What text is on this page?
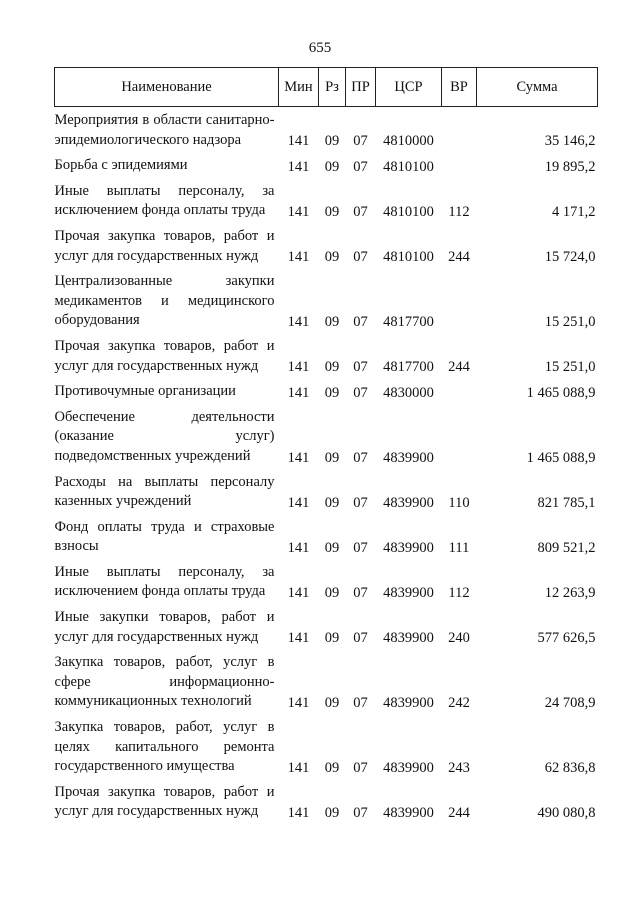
655
Наименование	Мин	Рз	ПР	ЦСР	ВР	Сумма
Мероприятия в области санитарно-эпидемиологического надзора	141	09	07	4810000		35 146,2
Борьба с эпидемиями	141	09	07	4810100		19 895,2
Иные выплаты персоналу, за исключением фонда оплаты труда	141	09	07	4810100	112	4 171,2
Прочая закупка товаров, работ и услуг для государственных нужд	141	09	07	4810100	244	15 724,0
Централизованные закупки медикаментов и медицинского оборудования	141	09	07	4817700		15 251,0
Прочая закупка товаров, работ и услуг для государственных нужд	141	09	07	4817700	244	15 251,0
Противочумные организации	141	09	07	4830000		1 465 088,9
Обеспечение деятельности (оказание услуг) подведомственных учреждений	141	09	07	4839900		1 465 088,9
Расходы на выплаты персоналу казенных учреждений	141	09	07	4839900	110	821 785,1
Фонд оплаты труда и страховые взносы	141	09	07	4839900	111	809 521,2
Иные выплаты персоналу, за исключением фонда оплаты труда	141	09	07	4839900	112	12 263,9
Иные закупки товаров, работ и услуг для государственных нужд	141	09	07	4839900	240	577 626,5
Закупка товаров, работ, услуг в сфере информационно-коммуникационных технологий	141	09	07	4839900	242	24 708,9
Закупка товаров, работ, услуг в целях капитального ремонта государственного имущества	141	09	07	4839900	243	62 836,8
Прочая закупка товаров, работ и услуг для государственных нужд	141	09	07	4839900	244	490 080,8
